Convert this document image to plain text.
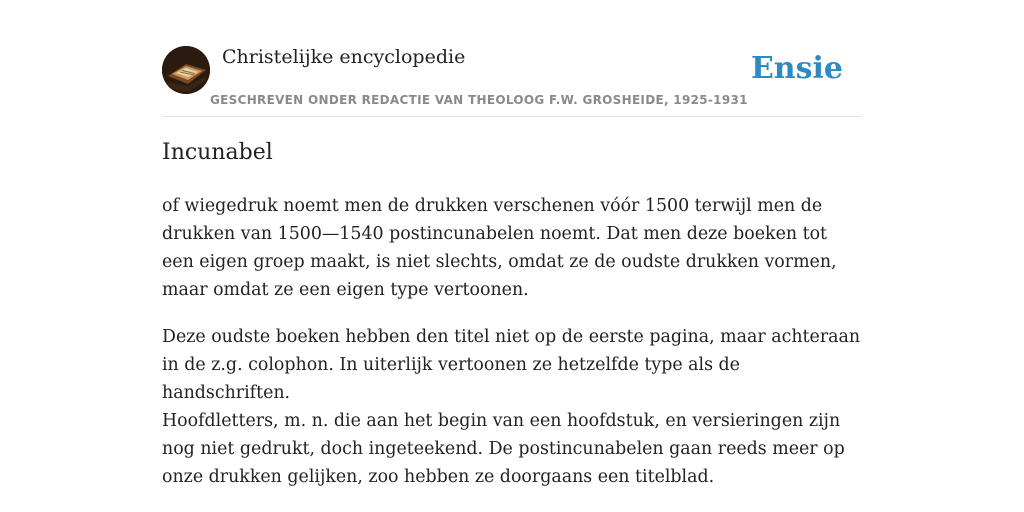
Christelijke encyclopedie
GESCHREVEN ONDER REDACTIE VAN THEOLOOG F.W. GROSHEIDE, 1925-1931
Ensie
Incunabel

of wiegedruk noemt men de drukken verschenen vóór 1500 terwijl men de drukken van 1500—1540 postincunabelen noemt. Dat men deze boeken tot een eigen groep maakt, is niet slechts, omdat ze de oudste drukken vormen, maar omdat ze een eigen type vertoonen.

Deze oudste boeken hebben den titel niet op de eerste pagina, maar achteraan in de z.g. colophon. In uiterlijk vertoonen ze hetzelfde type als de handschriften.

Hoofdletters, m. n. die aan het begin van een hoofdstuk, en versieringen zijn nog niet gedrukt, doch ingeteekend. De postincunabelen gaan reeds meer op onze drukken gelijken, zoo hebben ze doorgaans een titelblad.
